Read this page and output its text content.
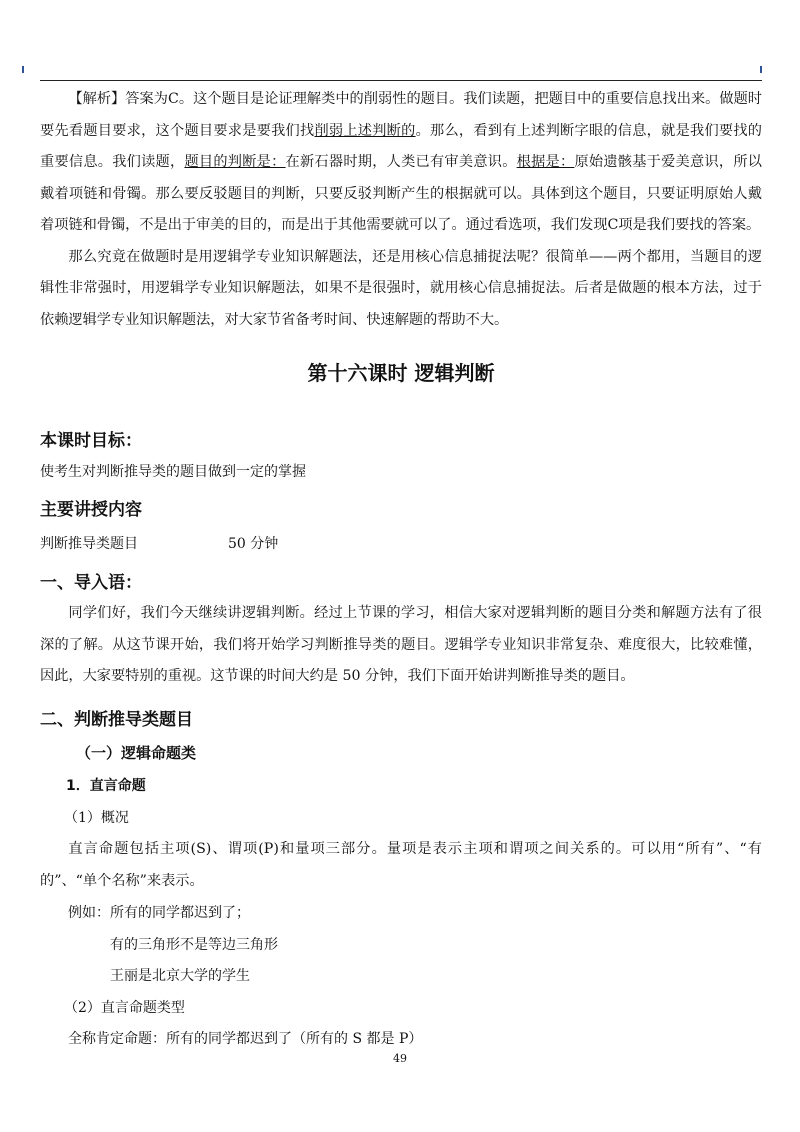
【解析】答案为C。这个题目是论证理解类中的削弱性的题目。我们读题，把题目中的重要信息找出来。做题时要先看题目要求，这个题目要求是要我们找削弱上述判断的。那么，看到有上述判断字眼的信息，就是我们要找的重要信息。我们读题，题目的判断是：在新石器时期，人类已有审美意识。根据是：原始遗骸基于爱美意识，所以戴着项链和骨镯。那么要反驳题目的判断，只要反驳判断产生的根据就可以。具体到这个题目，只要证明原始人戴着项链和骨镯，不是出于审美的目的，而是出于其他需要就可以了。通过看选项，我们发现C项是我们要找的答案。

那么究竟在做题时是用逻辑学专业知识解题法，还是用核心信息捕捉法呢？很简单——两个都用，当题目的逻辑性非常强时，用逻辑学专业知识解题法，如果不是很强时，就用核心信息捕捉法。后者是做题的根本方法，过于依赖逻辑学专业知识解题法，对大家节省备考时间、快速解题的帮助不大。

第十六课时 逻辑判断
本课时目标：
使考生对判断推导类的题目做到一定的掌握
主要讲授内容
判断推导类题目	50 分钟
一、导入语：

同学们好，我们今天继续讲逻辑判断。经过上节课的学习，相信大家对逻辑判断的题目分类和解题方法有了很深的了解。从这节课开始，我们将开始学习判断推导类的题目。逻辑学专业知识非常复杂、难度很大，比较难懂，因此，大家要特别的重视。这节课的时间大约是 50 分钟，我们下面开始讲判断推导类的题目。

二、判断推导类题目
（一）逻辑命题类
1．直言命题
（1）概况

直言命题包括主项(S)、谓项(P)和量项三部分。量项是表示主项和谓项之间关系的。可以用“所有”、“有的”、“单个名称”来表示。

例如：所有的同学都迟到了；
有的三角形不是等边三角形
王丽是北京大学的学生
（2）直言命题类型
全称肯定命题：所有的同学都迟到了（所有的 S 都是 P）
49
